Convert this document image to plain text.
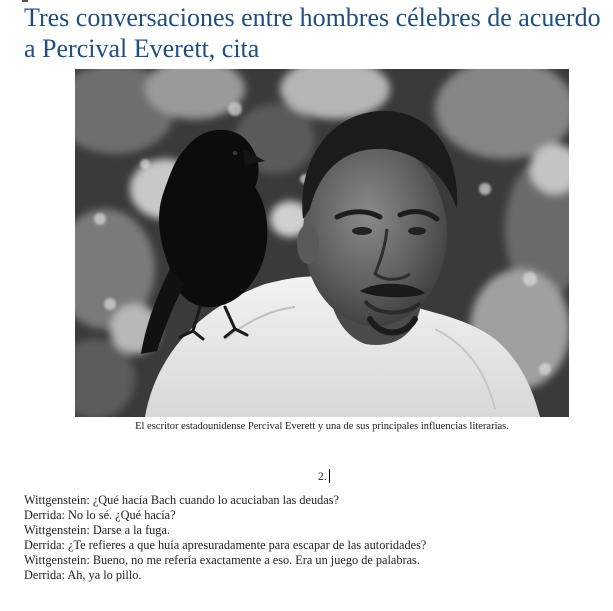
Tres conversaciones entre hombres célebres de acuerdo a Percival Everett, cita
El escritor estadounidense Percival Everett y una de sus principales influencias literarias.
2.
Wittgenstein: ¿Qué hacía Bach cuando lo acuciaban las deudas?
Derrida: No lo sé. ¿Qué hacía?
Wittgenstein: Darse a la fuga.
Derrida: ¿Te refieres a que huía apresuradamente para escapar de las autoridades?
Wittgenstein: Bueno, no me refería exactamente a eso. Era un juego de palabras.
Derrida: Ah, ya lo pillo.
